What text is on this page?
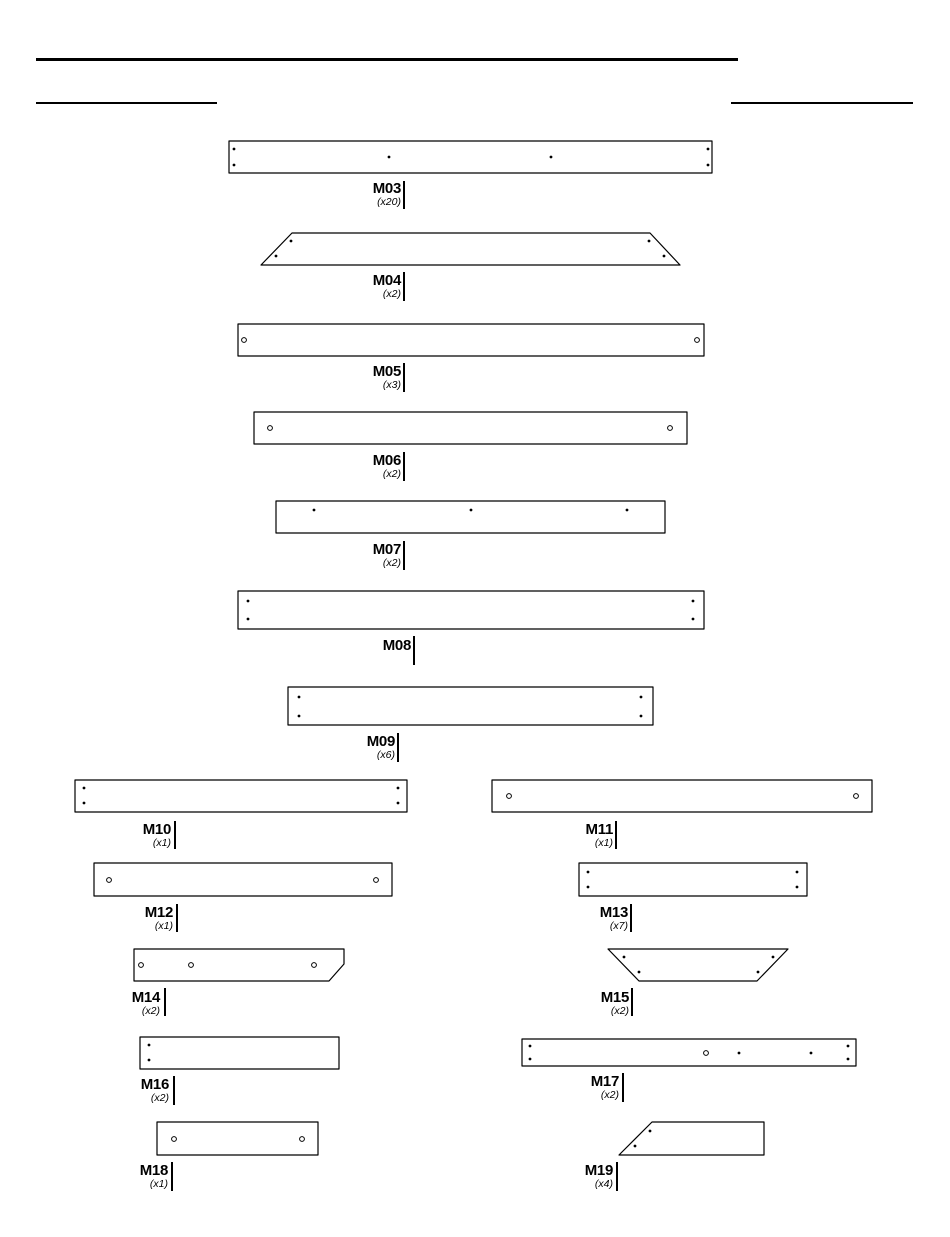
M03
(x20)
M04
(x2)
M05
(x3)
M06
(x2)
M07
(x2)
M08
M09
(x6)
M10
(x1)
M11
(x1)
M12
(x1)
M13
(x7)
M14
(x2)
M15
(x2)
M16
(x2)
M17
(x2)
M18
(x1)
M19
(x4)
